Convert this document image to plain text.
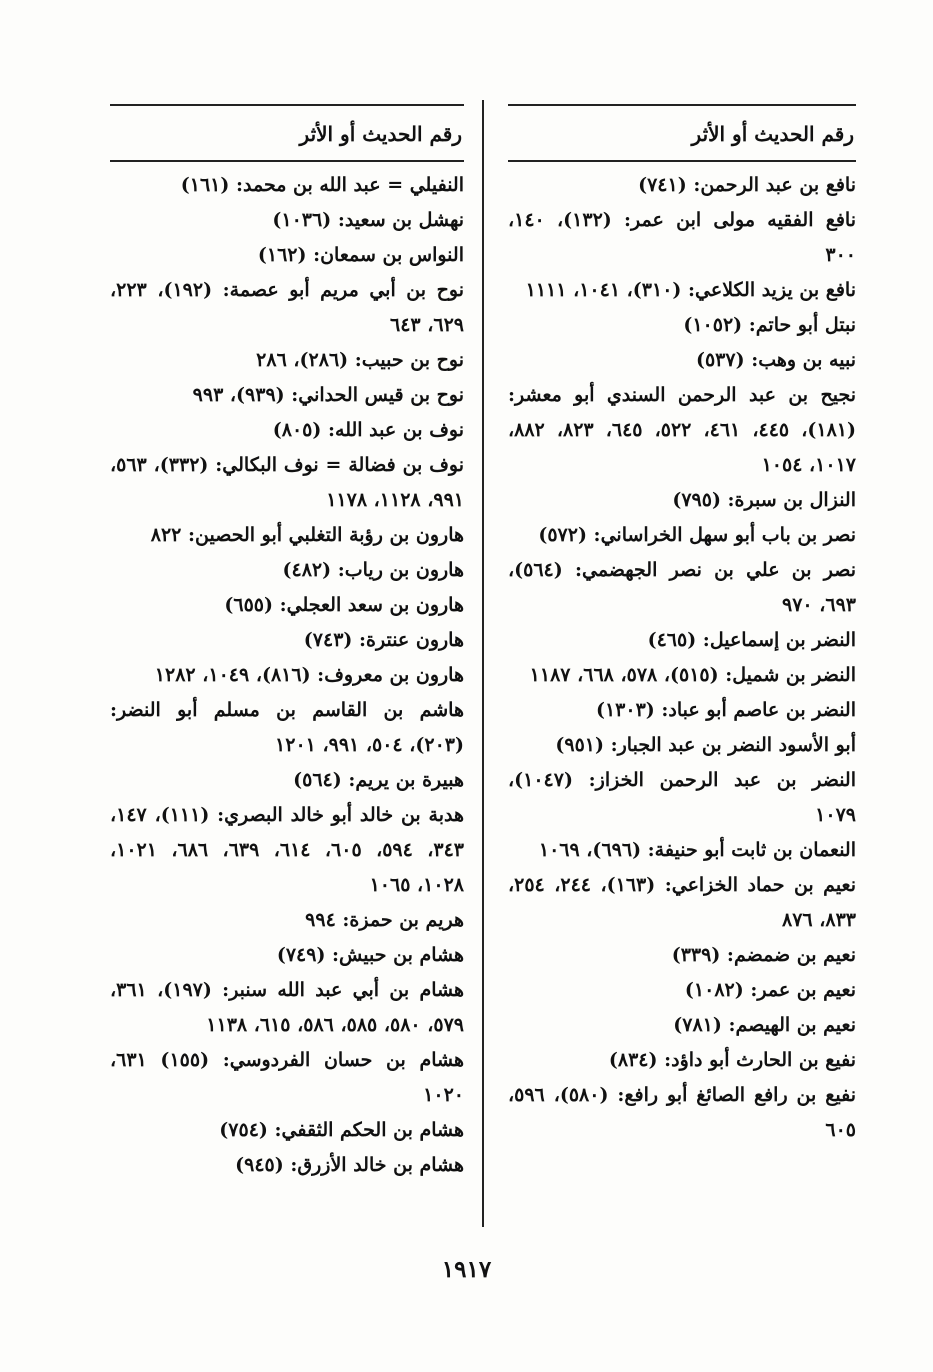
رقم الحديث أو الأثر
نافع بن عبد الرحمن: (٧٤١)
نافع الفقيه مولى ابن عمر: (١٣٢)، ١٤٠، ٣٠٠
نافع بن يزيد الكلاعي: (٣١٠)، ١٠٤١، ١١١١
نبتل أبو حاتم: (١٠٥٢)
نبيه بن وهب: (٥٣٧)
نجيح بن عبد الرحمن السندي أبو معشر: (١٨١)، ٤٤٥، ٤٦١، ٥٢٢، ٦٤٥، ٨٢٣، ٨٨٢، ١٠١٧، ١٠٥٤
النزال بن سبرة: (٧٩٥)
نصر بن باب أبو سهل الخراساني: (٥٧٢)
نصر بن علي بن نصر الجهضمي: (٥٦٤)، ٦٩٣، ٩٧٠
النضر بن إسماعيل: (٤٦٥)
النضر بن شميل: (٥١٥)، ٥٧٨، ٦٦٨، ١١٨٧
النضر بن عاصم أبو عباد: (١٣٠٣)
أبو الأسود النضر بن عبد الجبار: (٩٥١)
النضر بن عبد الرحمن الخزاز: (١٠٤٧)، ١٠٧٩
النعمان بن ثابت أبو حنيفة: (٦٩٦)، ١٠٦٩
نعيم بن حماد الخزاعي: (١٦٣)، ٢٤٤، ٢٥٤، ٨٣٣، ٨٧٦
نعيم بن ضمضم: (٣٣٩)
نعيم بن عمر: (١٠٨٢)
نعيم بن الهيصم: (٧٨١)
نفيع بن الحارث أبو داؤد: (٨٣٤)
نفيع بن رافع الصائغ أبو رافع: (٥٨٠)، ٥٩٦، ٦٠٥
رقم الحديث أو الأثر
النفيلي = عبد الله بن محمد: (١٦١)
نهشل بن سعيد: (١٠٣٦)
النواس بن سمعان: (١٦٢)
نوح بن أبي مريم أبو عصمة: (١٩٢)، ٢٢٣، ٦٢٩، ٦٤٣
نوح بن حبيب: (٢٨٦)، ٢٨٦
نوح بن قيس الحداني: (٩٣٩)، ٩٩٣
نوف بن عبد الله: (٨٠٥)
نوف بن فضالة = نوف البكالي: (٣٣٢)، ٥٦٣، ٩٩١، ١١٢٨، ١١٧٨
هارون بن رؤبة التغلبي أبو الحصين: ٨٢٢
هارون بن رياب: (٤٨٢)
هارون بن سعد العجلي: (٦٥٥)
هارون عنترة: (٧٤٣)
هارون بن معروف: (٨١٦)، ١٠٤٩، ١٢٨٢
هاشم بن القاسم بن مسلم أبو النضر: (٢٠٣)، ٥٠٤، ٩٩١، ١٢٠١
هبيرة بن يريم: (٥٦٤)
هدبة بن خالد أبو خالد البصري: (١١١)، ١٤٧، ٣٤٣، ٥٩٤، ٦٠٥، ٦١٤، ٦٣٩، ٦٨٦، ١٠٢١، ١٠٢٨، ١٠٦٥
هريم بن حمزة: ٩٩٤
هشام بن حبيش: (٧٤٩)
هشام بن أبي عبد الله سنبر: (١٩٧)، ٣٦١، ٥٧٩، ٥٨٠، ٥٨٥، ٥٨٦، ٦١٥، ١١٣٨
هشام بن حسان الفردوسي: (١٥٥) ٦٣١، ١٠٢٠
هشام بن الحكم الثقفي: (٧٥٤)
هشام بن خالد الأزرق: (٩٤٥)
١٩١٧
